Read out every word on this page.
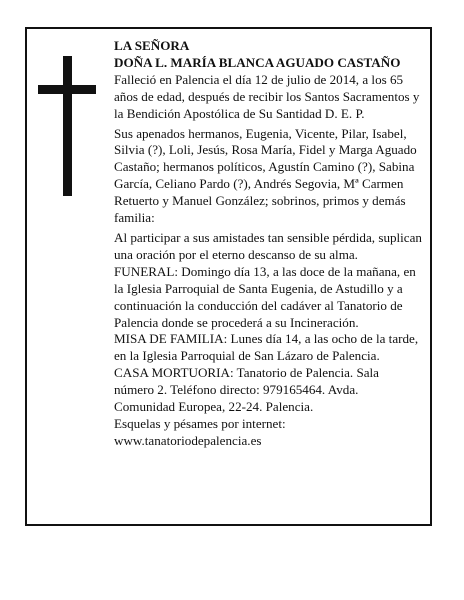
LA SEÑORA

DOÑA L. MARÍA BLANCA AGUADO CASTAÑO

Falleció en Palencia el día 12 de julio de 2014, a los 65 años de edad, después de recibir los Santos Sacramentos y la Bendición Apostólica de Su Santidad D. E. P.

Sus apenados hermanos, Eugenia, Vicente, Pilar, Isabel, Silvia (?), Loli, Jesús, Rosa María, Fidel y Marga Aguado Castaño; hermanos políticos, Agustín Camino (?), Sabina García, Celiano Pardo (?), Andrés Segovia, Mª Carmen Retuerto y Manuel González; sobrinos, primos y demás familia:

Al participar a sus amistades tan sensible pérdida, suplican una oración por el eterno descanso de su alma.

FUNERAL: Domingo día 13, a las doce de la mañana, en la Iglesia Parroquial de Santa Eugenia, de Astudillo y a continuación la conducción del cadáver al Tanatorio de Palencia donde se procederá a su Incineración.

MISA DE FAMILIA: Lunes día 14, a las ocho de la tarde, en la Iglesia Parroquial de San Lázaro de Palencia.

CASA MORTUORIA: Tanatorio de Palencia. Sala número 2. Teléfono directo: 979165464. Avda. Comunidad Europea, 22-24. Palencia.

Esquelas y pésames por internet:

www.tanatoriodepalencia.es
